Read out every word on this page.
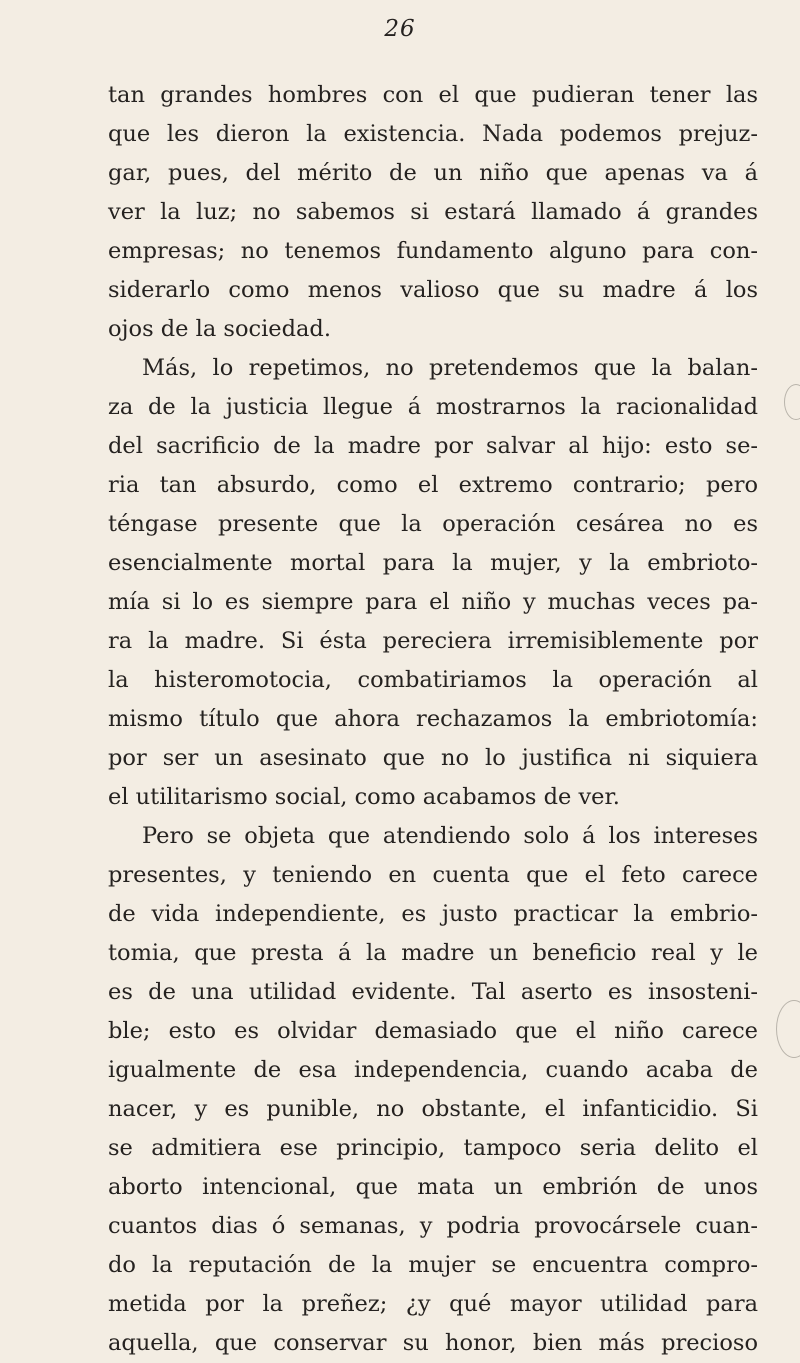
26
tan grandes hombres con el que pudieran tener las
que les dieron la existencia. Nada podemos prejuz-
gar, pues, del mérito de un niño que apenas va á
ver la luz; no sabemos si estará llamado á grandes
empresas; no tenemos fundamento alguno para con-
siderarlo como menos valioso que su madre á los
ojos de la sociedad.
Más, lo repetimos, no pretendemos que la balan-
za de la justicia llegue á mostrarnos la racionalidad
del sacrificio de la madre por salvar al hijo: esto se-
ria tan absurdo, como el extremo contrario; pero
téngase presente que la operación cesárea no es
esencialmente mortal para la mujer, y la embrioto-
mía si lo es siempre para el niño y muchas veces pa-
ra la madre. Si ésta pereciera irremisiblemente por
la histeromotocia, combatiriamos la operación al
mismo título que ahora rechazamos la embriotomía:
por ser un asesinato que no lo justifica ni siquiera
el utilitarismo social, como acabamos de ver.
Pero se objeta que atendiendo solo á los intereses
presentes, y teniendo en cuenta que el feto carece
de vida independiente, es justo practicar la embrio-
tomia, que presta á la madre un beneficio real y le
es de una utilidad evidente. Tal aserto es insosteni-
ble; esto es olvidar demasiado que el niño carece
igualmente de esa independencia, cuando acaba de
nacer, y es punible, no obstante, el infanticidio. Si
se admitiera ese principio, tampoco seria delito el
aborto intencional, que mata un embrión de unos
cuantos dias ó semanas, y podria provocársele cuan-
do la reputación de la mujer se encuentra compro-
metida por la preñez; ¿y qué mayor utilidad para
aquella, que conservar su honor, bien más precioso
